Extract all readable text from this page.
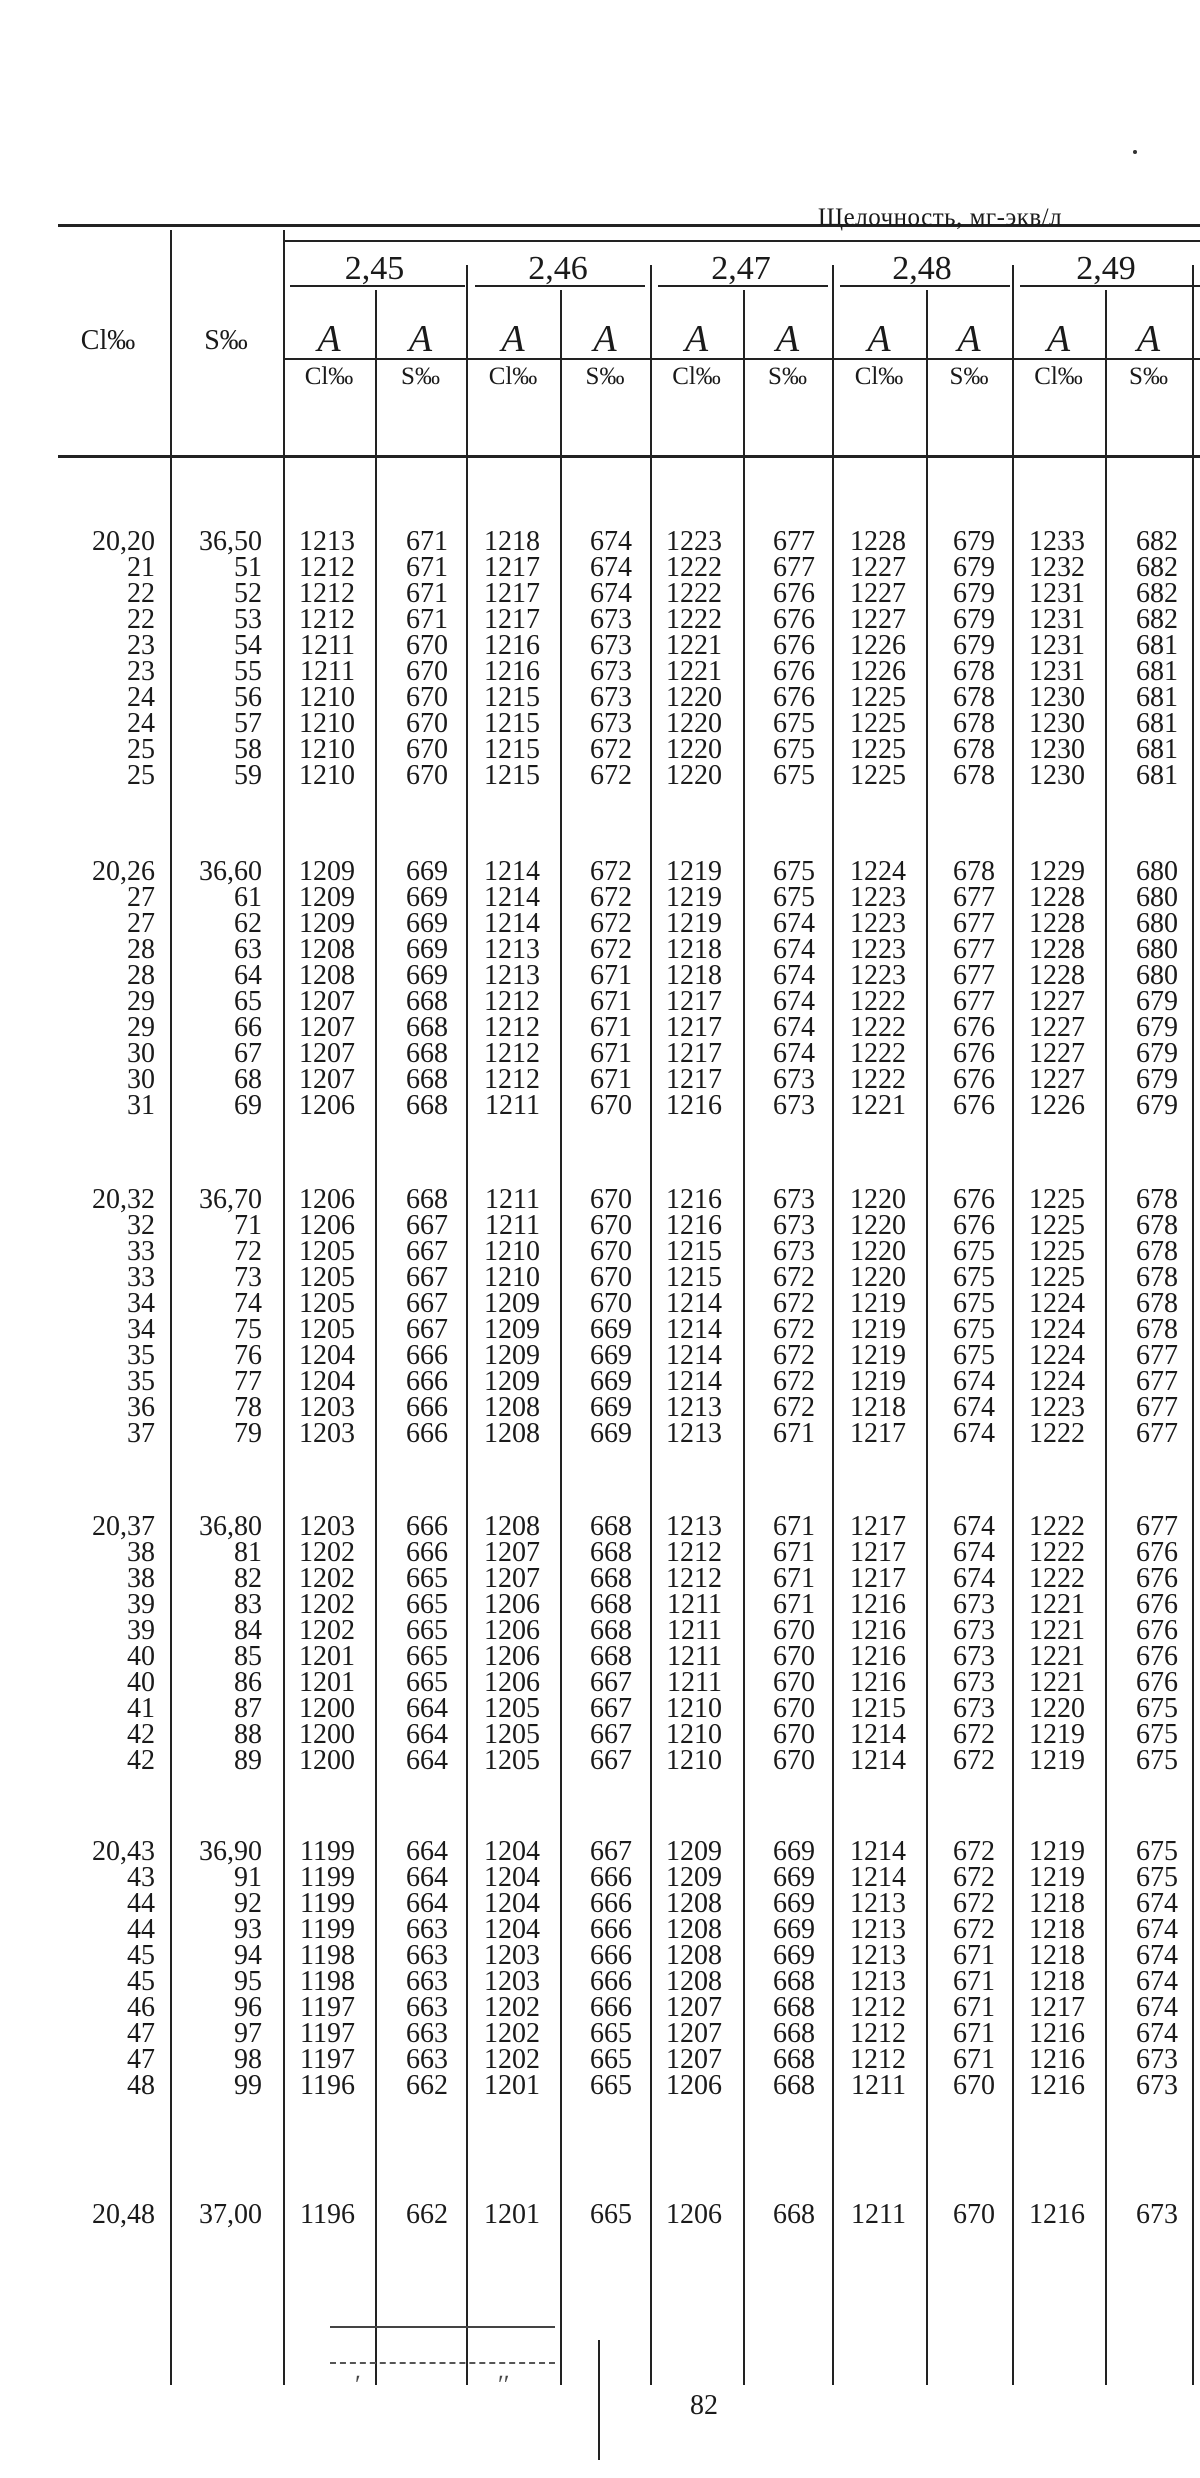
Щелочность, мг-экв/л
Cl‰	S‰
2,45	2,46	2,47	2,48	2,49
A	A	A	A	A	A	A	A	A	A
Cl‰	S‰	Cl‰	S‰	Cl‰	S‰	Cl‰	S‰	Cl‰	S‰
20,20 36,50 1213 671 1218 674 1223 677 1228 679 1233 682
21	51 1212 671 1217 674 1222 677 1227 679 1232 682
22	52 1212 671 1217 674 1222 676 1227 679 1231 682
22	53 1212 671 1217 673 1222 676 1227 679 1231 682
23	54 1211 670 1216 673 1221 676 1226 679 1231 681
23	55 1211 670 1216 673 1221 676 1226 678 1231 681
24	56 1210 670 1215 673 1220 676 1225 678 1230 681
24	57 1210 670 1215 673 1220 675 1225 678 1230 681
25	58 1210 670 1215 672 1220 675 1225 678 1230 681
25	59 1210 670 1215 672 1220 675 1225 678 1230 681
20,26 36,60 1209 669 1214 672 1219 675 1224 678 1229 680
27	61 1209 669 1214 672 1219 675 1223 677 1228 680
27	62 1209 669 1214 672 1219 674 1223 677 1228 680
28	63 1208 669 1213 672 1218 674 1223 677 1228 680
28	64 1208 669 1213 671 1218 674 1223 677 1228 680
29	65 1207 668 1212 671 1217 674 1222 677 1227 679
29	66 1207 668 1212 671 1217 674 1222 676 1227 679
30	67 1207 668 1212 671 1217 674 1222 676 1227 679
30	68 1207 668 1212 671 1217 673 1222 676 1227 679
31	69 1206 668 1211 670 1216 673 1221 676 1226 679
20,32 36,70 1206 668 1211 670 1216 673 1220 676 1225 678
32	71 1206 667 1211 670 1216 673 1220 676 1225 678
33	72 1205 667 1210 670 1215 673 1220 675 1225 678
33	73 1205 667 1210 670 1215 672 1220 675 1225 678
34	74 1205 667 1209 670 1214 672 1219 675 1224 678
34	75 1205 667 1209 669 1214 672 1219 675 1224 678
35	76 1204 666 1209 669 1214 672 1219 675 1224 677
35	77 1204 666 1209 669 1214 672 1219 674 1224 677
36	78 1203 666 1208 669 1213 672 1218 674 1223 677
37	79 1203 666 1208 669 1213 671 1217 674 1222 677
20,37 36,80 1203 666 1208 668 1213 671 1217 674 1222 677
38	81 1202 666 1207 668 1212 671 1217 674 1222 676
38	82 1202 665 1207 668 1212 671 1217 674 1222 676
39	83 1202 665 1206 668 1211 671 1216 673 1221 676
39	84 1202 665 1206 668 1211 670 1216 673 1221 676
40	85 1201 665 1206 668 1211 670 1216 673 1221 676
40	86 1201 665 1206 667 1211 670 1216 673 1221 676
41	87 1200 664 1205 667 1210 670 1215 673 1220 675
42	88 1200 664 1205 667 1210 670 1214 672 1219 675
42	89 1200 664 1205 667 1210 670 1214 672 1219 675
20,43 36,90 1199 664 1204 667 1209 669 1214 672 1219 675
43	91 1199 664 1204 666 1209 669 1214 672 1219 675
44	92 1199 664 1204 666 1208 669 1213 672 1218 674
44	93 1199 663 1204 666 1208 669 1213 672 1218 674
45	94 1198 663 1203 666 1208 669 1213 671 1218 674
45	95 1198 663 1203 666 1208 668 1213 671 1218 674
46	96 1197 663 1202 666 1207 668 1212 671 1217 674
47	97 1197 663 1202 665 1207 668 1212 671 1216 674
47	98 1197 663 1202 665 1207 668 1212 671 1216 673
48	99 1196 662 1201 665 1206 668 1211 670 1216 673
20,48 37,00 1196 662 1201 665 1206 668 1211 670 1216 673
ʹ	ʹʹ
82
